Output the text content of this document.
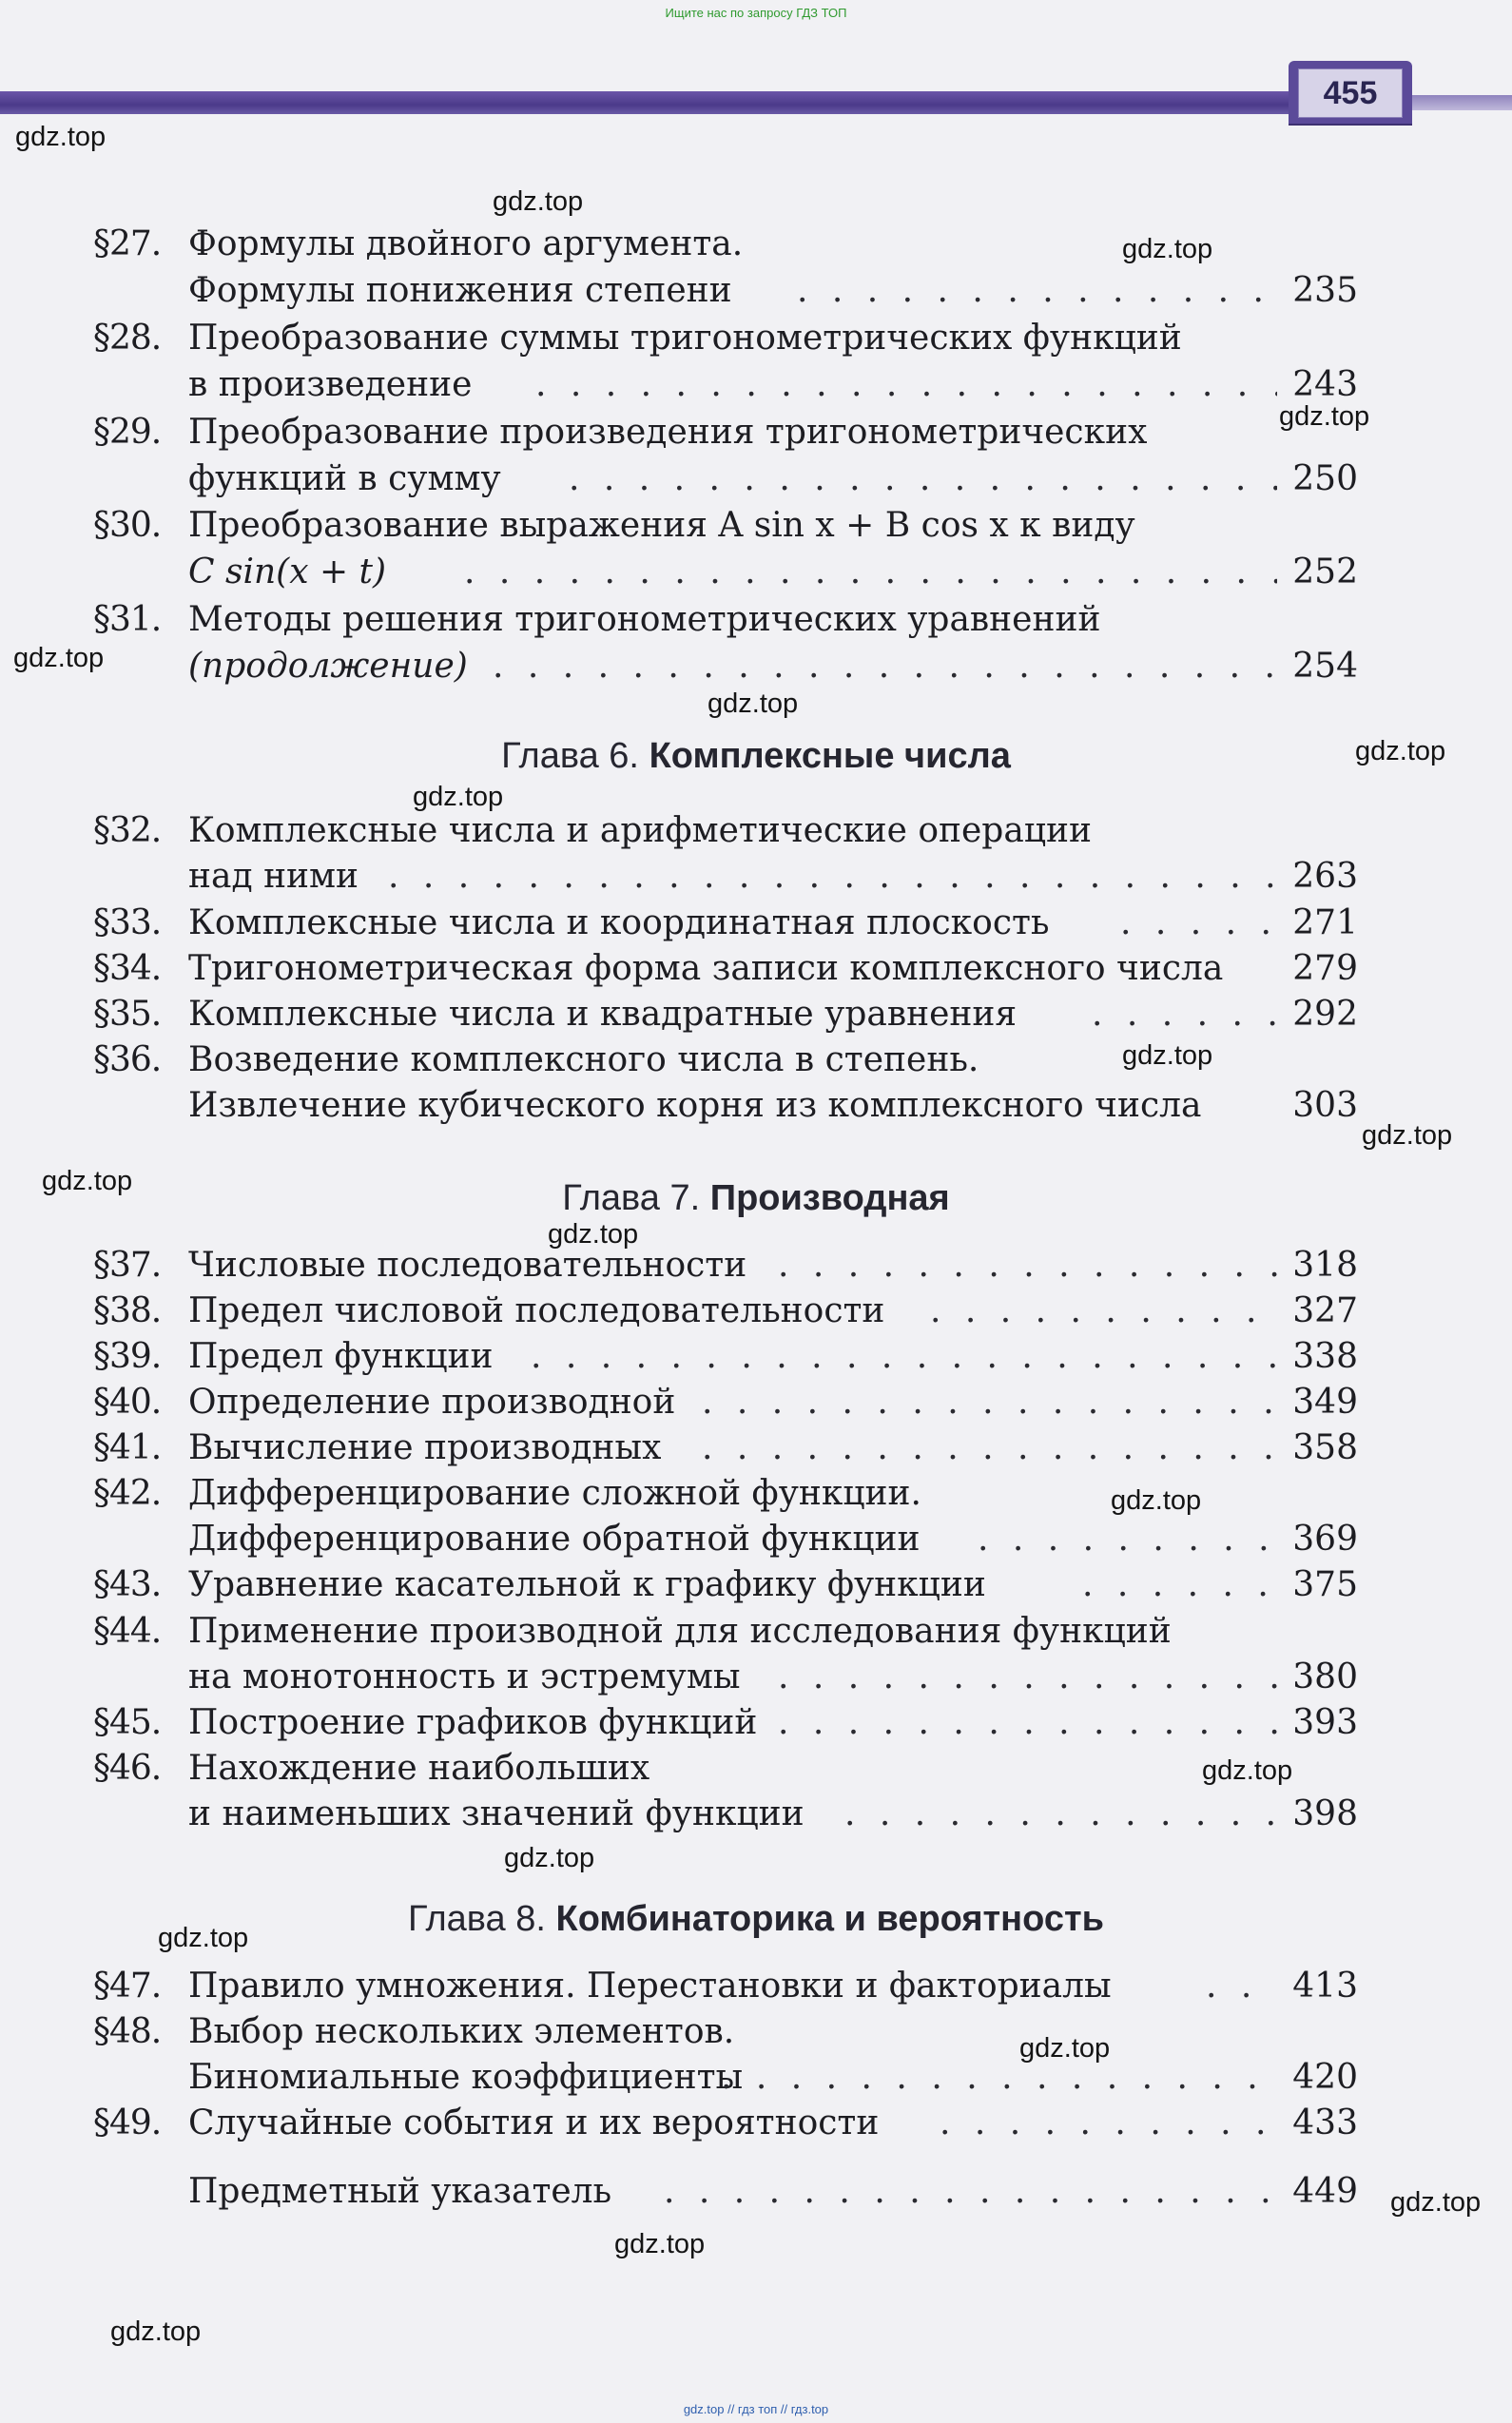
Ищите нас по запросу ГДЗ ТОП
455
§27. Формулы двойного аргумента.
Формулы понижения степени . . .	235
§28. Преобразование суммы тригонометрических функций
в произведение . . .	243
§29. Преобразование произведения тригонометрических
функций в сумму . . .	250
§30. Преобразование выражения A sin x + B cos x к виду
C sin(x + t) . . .	252
§31. Методы решения тригонометрических уравнений
(продолжение) . . .	254
Глава 6. Комплексные числа
§32. Комплексные числа и арифметические операции
над ними . . .	263
§33. Комплексные числа и координатная плоскость . . .	271
§34. Тригонометрическая форма записи комплексного числа 279
§35. Комплексные числа и квадратные уравнения . . .	292
§36. Возведение комплексного числа в степень.
Извлечение кубического корня из комплексного числа	303
Глава 7. Производная
§37. Числовые последовательности . . .	318
§38. Предел числовой последовательности . . .	327
§39. Предел функции . . .	338
§40. Определение производной . . .	349
§41. Вычисление производных . . .	358
§42. Дифференцирование сложной функции.
Дифференцирование обратной функции . . .	369
§43. Уравнение касательной к графику функции . . .	375
§44. Применение производной для исследования функций
на монотонность и эстремумы . . .	380
§45. Построение графиков функций . . .	393
§46. Нахождение наибольших
и наименьших значений функции . . .	398
Глава 8. Комбинаторика и вероятность
§47. Правило умножения. Перестановки и факториалы . . .	413
§48. Выбор нескольких элементов.
Биномиальные коэффициенты . . .	420
§49. Случайные события и их вероятности . . .	433
Предметный указатель . . .	449
gdz.top
gdz.top
gdz.top
gdz.top
gdz.top
gdz.top
gdz.top
gdz.top
gdz.top
gdz.top
gdz.top
gdz.top
gdz.top
gdz.top
gdz.top
gdz.top
gdz.top
gdz.top
gdz.top
gdz.top
gdz.top // гдз топ // гдз.top
